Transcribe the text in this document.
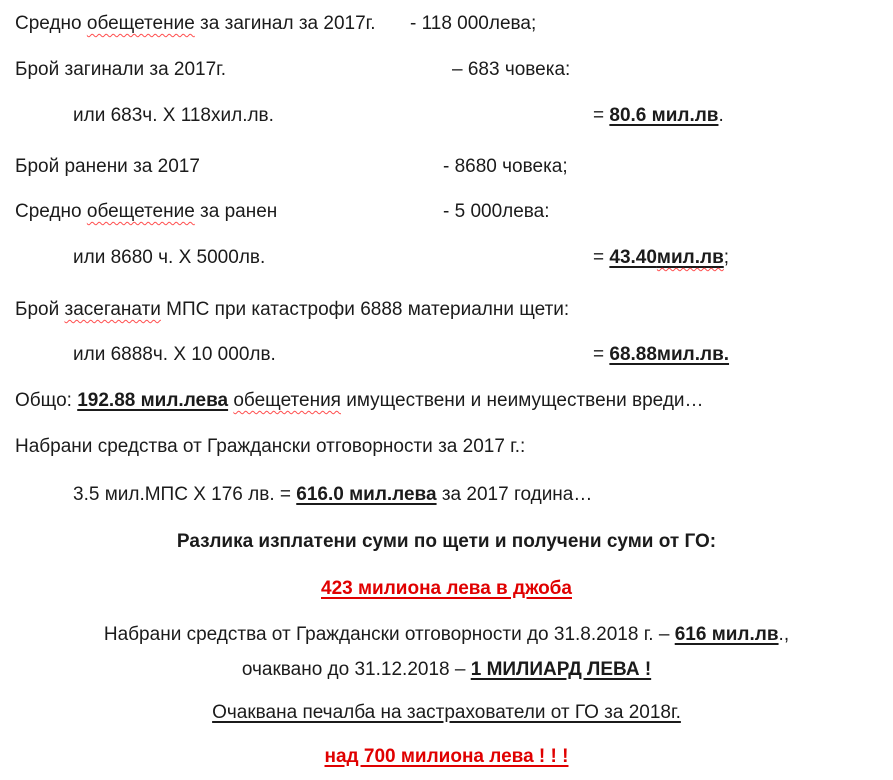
Средно обещетение за загинал за 2017г. - 118 000лева;
Брой загинали за 2017г.	– 683 човека:
или 683ч. Х 118хил.лв.	= 80.6 мил.лв.
Брой ранени за 2017	- 8680 човека;
Средно обещетение за ранен	- 5 000лева:
или 8680 ч. Х 5000лв.	= 43.40мил.лв;
Брой засеганати МПС при катастрофи 6888 материални щети:
или 6888ч. Х 10 000лв.	= 68.88мил.лв.
Общо: 192.88 мил.лева обещетения имуществени и неимуществени вреди…
Набрани средства от Граждански отговорности за 2017 г.:
3.5 мил.МПС Х 176 лв. = 616.0 мил.лева за 2017 година…
Разлика изплатени суми по щети и получени суми от ГО:
423 милиона лева в джоба
Набрани средства от Граждански отговорности до 31.8.2018 г. – 616 мил.лв.,
очаквано до 31.12.2018 – 1 МИЛИАРД ЛЕВА !
Очаквана печалба на застрахователи от ГО за 2018г.
над 700 милиона лева ! ! !
